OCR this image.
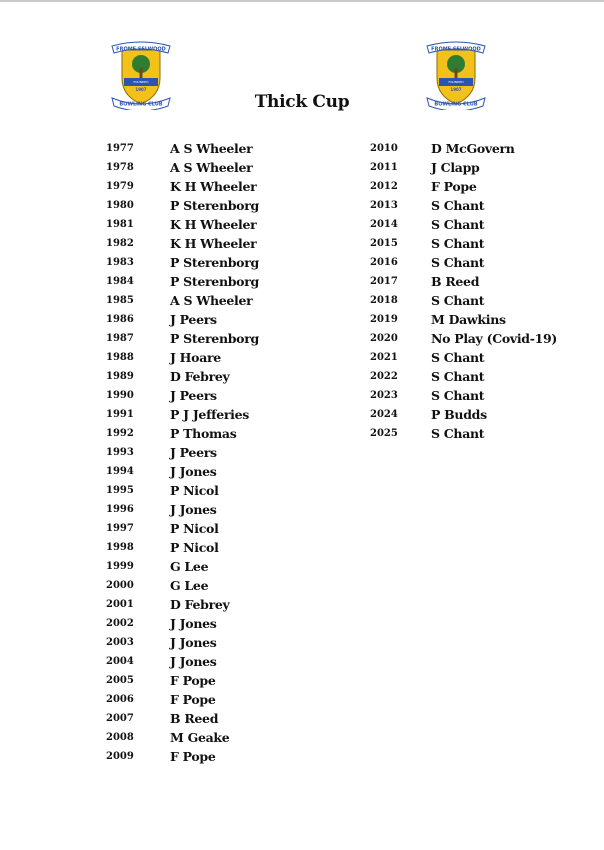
FROME SELWOOD
BOWLING CLUB
FOUNDED
1907
FROME SELWOOD
BOWLING CLUB
FOUNDED
1907
Thick Cup
1977	A S Wheeler
1978	A S Wheeler
1979	K H Wheeler
1980	P Sterenborg
1981	K H Wheeler
1982	K H Wheeler
1983	P Sterenborg
1984	P Sterenborg
1985	A S Wheeler
1986	J Peers
1987	P Sterenborg
1988	J Hoare
1989	D Febrey
1990	J Peers
1991	P J Jefferies
1992	P Thomas
1993	J Peers
1994	J Jones
1995	P Nicol
1996	J Jones
1997	P Nicol
1998	P Nicol
1999	G Lee
2000	G Lee
2001	D Febrey
2002	J Jones
2003	J Jones
2004	J Jones
2005	F Pope
2006	F Pope
2007	B Reed
2008	M Geake
2009	F Pope
2010	D McGovern
2011	J Clapp
2012	F Pope
2013	S Chant
2014	S Chant
2015	S Chant
2016	S Chant
2017	B Reed
2018	S Chant
2019	M Dawkins
2020	No Play (Covid-19)
2021	S Chant
2022	S Chant
2023	S Chant
2024	P Budds
2025	S Chant
